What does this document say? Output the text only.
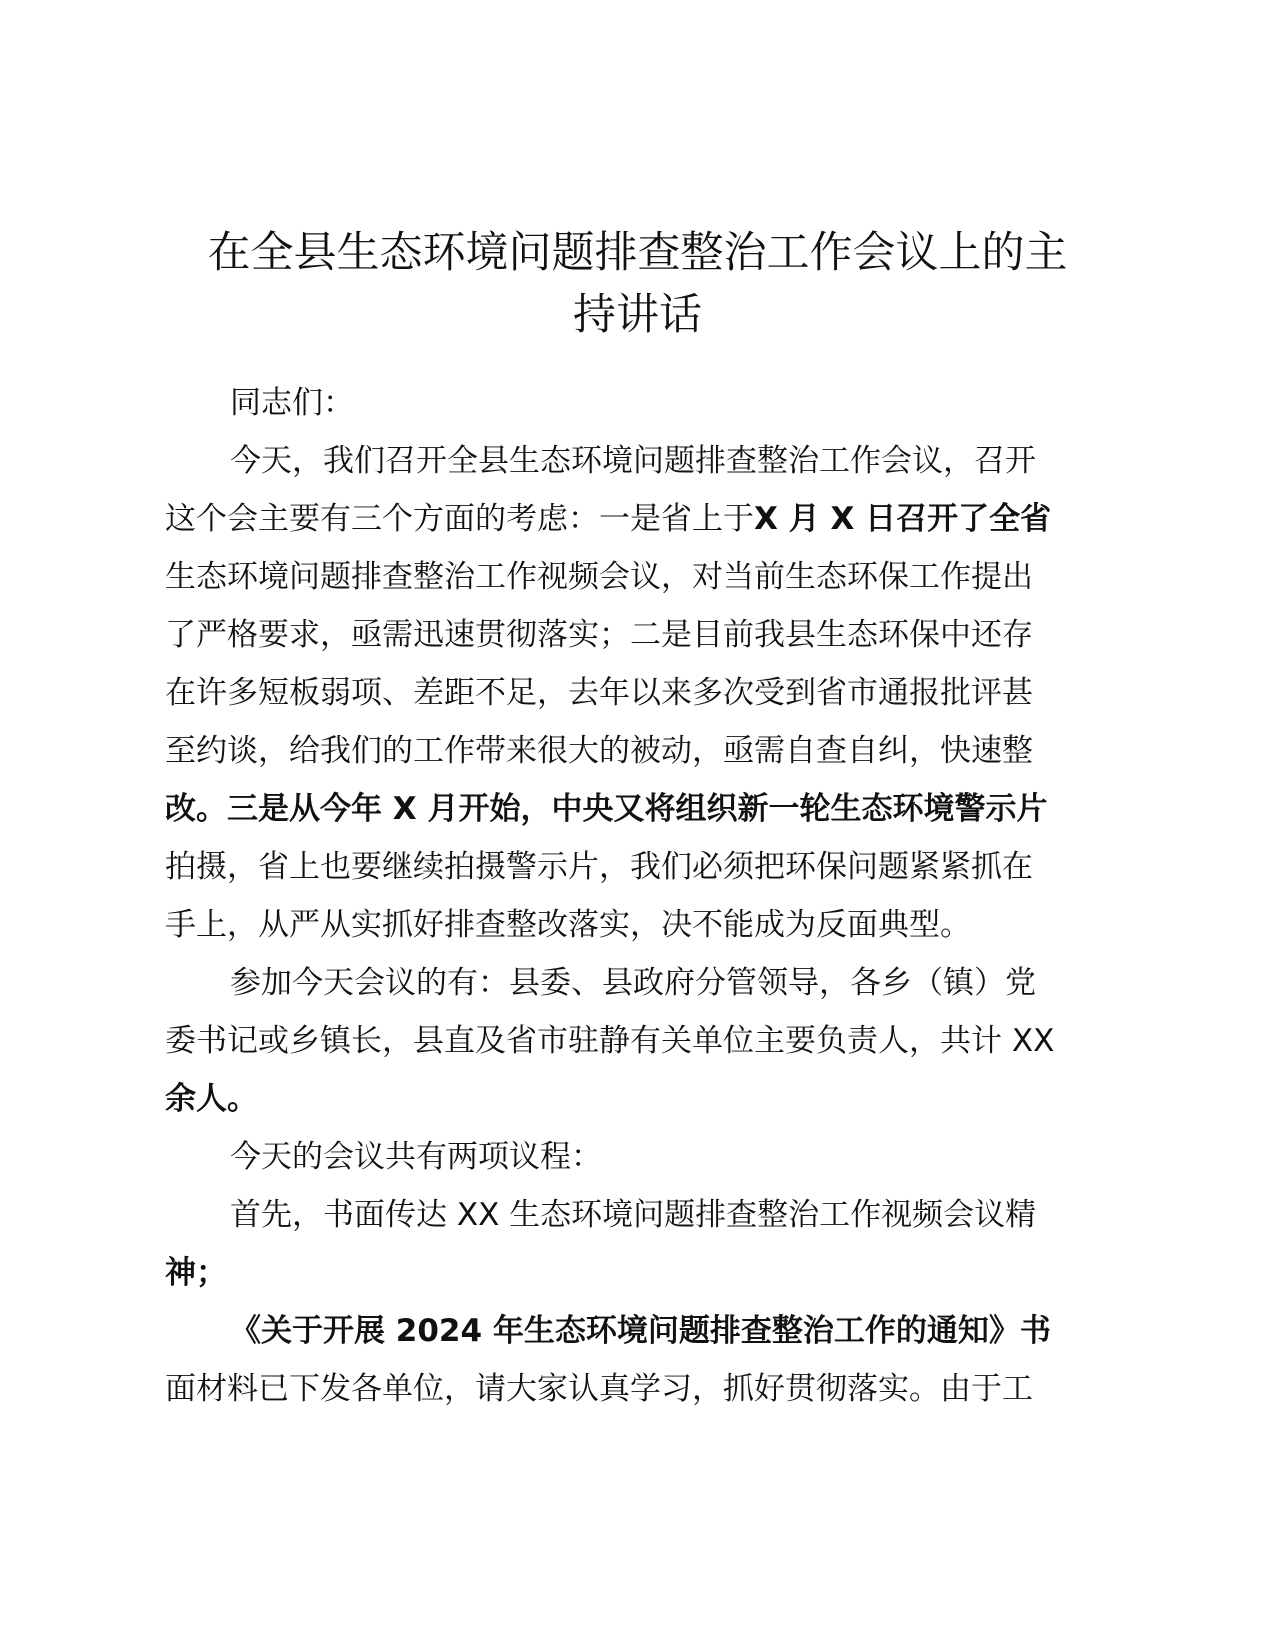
在全县生态环境问题排查整治工作会议上的主
持讲话

同志们：

今天，我们召开全县生态环境问题排查整治工作会议，召开

这个会主要有三个方面的考虑：一是省上于X 月 X 日召开了全省

生态环境问题排查整治工作视频会议，对当前生态环保工作提出

了严格要求，亟需迅速贯彻落实；二是目前我县生态环保中还存

在许多短板弱项、差距不足，去年以来多次受到省市通报批评甚

至约谈，给我们的工作带来很大的被动，亟需自查自纠，快速整

改。三是从今年 X 月开始，中央又将组织新一轮生态环境警示片

拍摄，省上也要继续拍摄警示片，我们必须把环保问题紧紧抓在

手上，从严从实抓好排查整改落实，决不能成为反面典型。

参加今天会议的有：县委、县政府分管领导，各乡（镇）党

委书记或乡镇长，县直及省市驻静有关单位主要负责人，共计 XX

余人。

今天的会议共有两项议程：

首先，书面传达 XX 生态环境问题排查整治工作视频会议精

神；

《关于开展 2024 年生态环境问题排查整治工作的通知》书

面材料已下发各单位，请大家认真学习，抓好贯彻落实。由于工
